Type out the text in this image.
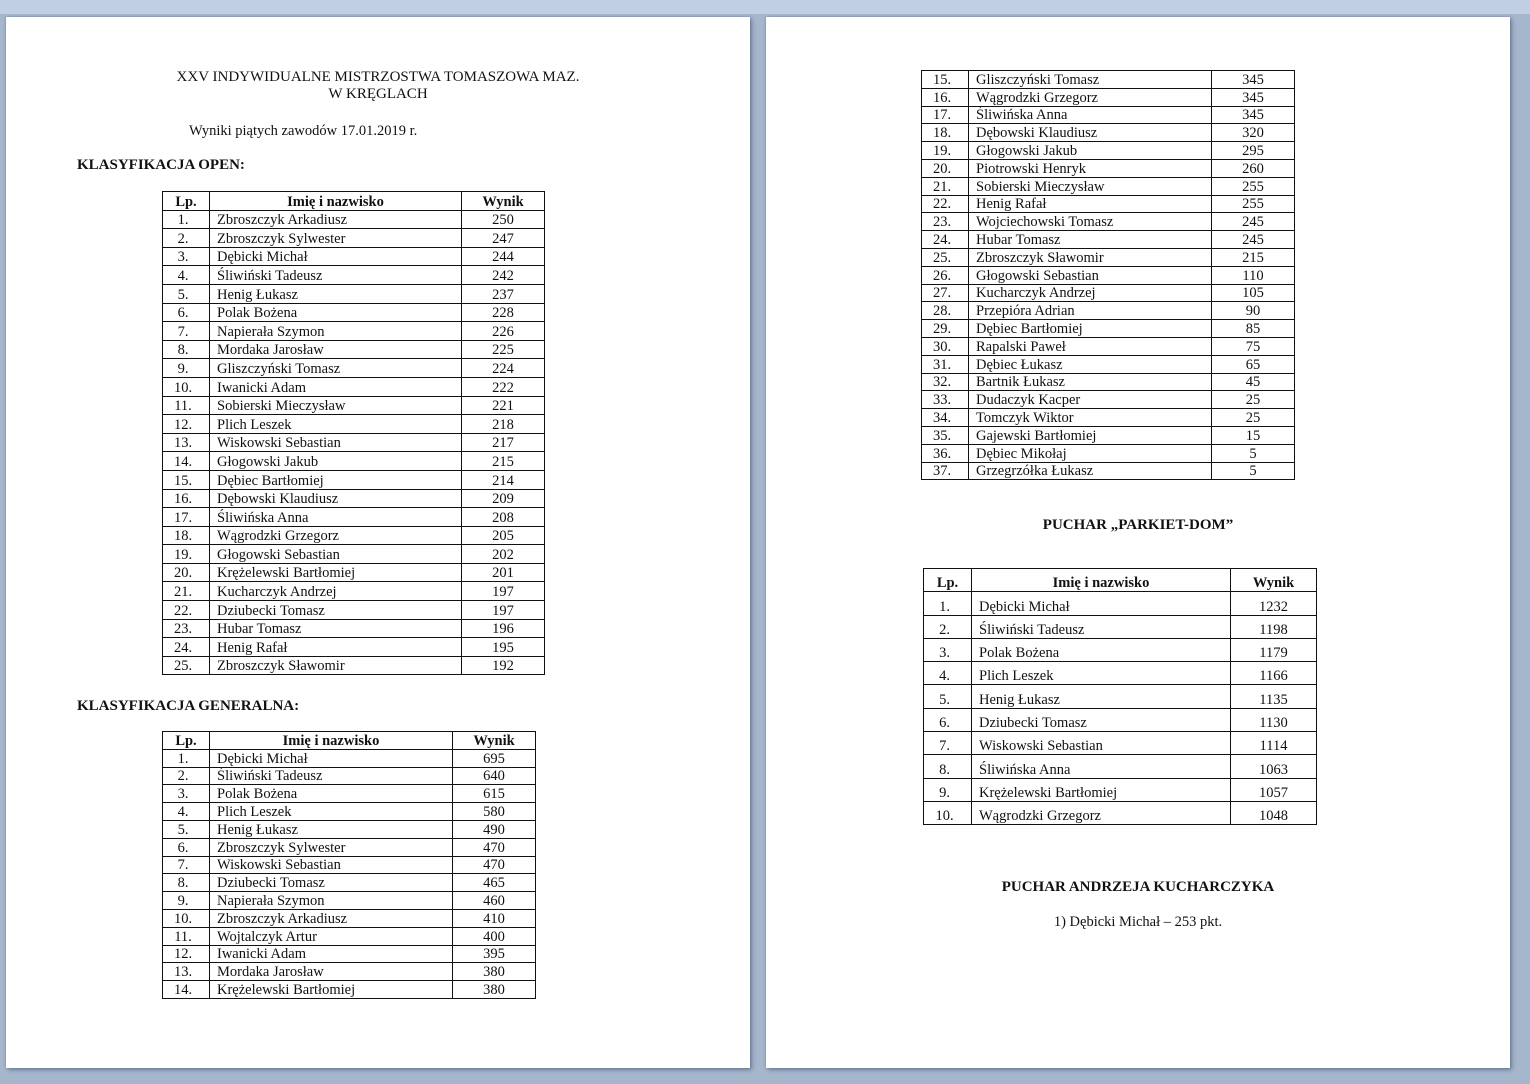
XXV INDYWIDUALNE MISTRZOSTWA TOMASZOWA MAZ.
W KRĘGLACH
Wyniki piątych zawodów 17.01.2019 r.
KLASYFIKACJA OPEN:
Lp.	Imię i nazwisko	Wynik
1.	Zbroszczyk Arkadiusz	250
2.	Zbroszczyk Sylwester	247
3.	Dębicki Michał	244
4.	Śliwiński Tadeusz	242
5.	Henig Łukasz	237
6.	Polak Bożena	228
7.	Napierała Szymon	226
8.	Mordaka Jarosław	225
9.	Gliszczyński Tomasz	224
10.	Iwanicki Adam	222
11.	Sobierski Mieczysław	221
12.	Plich Leszek	218
13.	Wiskowski Sebastian	217
14.	Głogowski Jakub	215
15.	Dębiec Bartłomiej	214
16.	Dębowski Klaudiusz	209
17.	Śliwińska Anna	208
18.	Wągrodzki Grzegorz	205
19.	Głogowski Sebastian	202
20.	Krężelewski Bartłomiej	201
21.	Kucharczyk Andrzej	197
22.	Dziubecki Tomasz	197
23.	Hubar Tomasz	196
24.	Henig Rafał	195
25.	Zbroszczyk Sławomir	192
KLASYFIKACJA GENERALNA:
Lp.	Imię i nazwisko	Wynik
1.	Dębicki Michał	695
2.	Śliwiński Tadeusz	640
3.	Polak Bożena	615
4.	Plich Leszek	580
5.	Henig Łukasz	490
6.	Zbroszczyk Sylwester	470
7.	Wiskowski Sebastian	470
8.	Dziubecki Tomasz	465
9.	Napierała Szymon	460
10.	Zbroszczyk Arkadiusz	410
11.	Wojtalczyk Artur	400
12.	Iwanicki Adam	395
13.	Mordaka Jarosław	380
14.	Krężelewski Bartłomiej	380
15.	Gliszczyński Tomasz	345
16.	Wągrodzki Grzegorz	345
17.	Śliwińska Anna	345
18.	Dębowski Klaudiusz	320
19.	Głogowski Jakub	295
20.	Piotrowski Henryk	260
21.	Sobierski Mieczysław	255
22.	Henig Rafał	255
23.	Wojciechowski Tomasz	245
24.	Hubar Tomasz	245
25.	Zbroszczyk Sławomir	215
26.	Głogowski Sebastian	110
27.	Kucharczyk Andrzej	105
28.	Przepióra Adrian	90
29.	Dębiec Bartłomiej	85
30.	Rapalski Paweł	75
31.	Dębiec Łukasz	65
32.	Bartnik Łukasz	45
33.	Dudaczyk Kacper	25
34.	Tomczyk Wiktor	25
35.	Gajewski Bartłomiej	15
36.	Dębiec Mikołaj	5
37.	Grzegrzółka Łukasz	5
PUCHAR „PARKIET-DOM”
Lp.	Imię i nazwisko	Wynik
1.	Dębicki Michał	1232
2.	Śliwiński Tadeusz	1198
3.	Polak Bożena	1179
4.	Plich Leszek	1166
5.	Henig Łukasz	1135
6.	Dziubecki Tomasz	1130
7.	Wiskowski Sebastian	1114
8.	Śliwińska Anna	1063
9.	Krężelewski Bartłomiej	1057
10.	Wągrodzki Grzegorz	1048
PUCHAR ANDRZEJA KUCHARCZYKA
1) Dębicki Michał – 253 pkt.
